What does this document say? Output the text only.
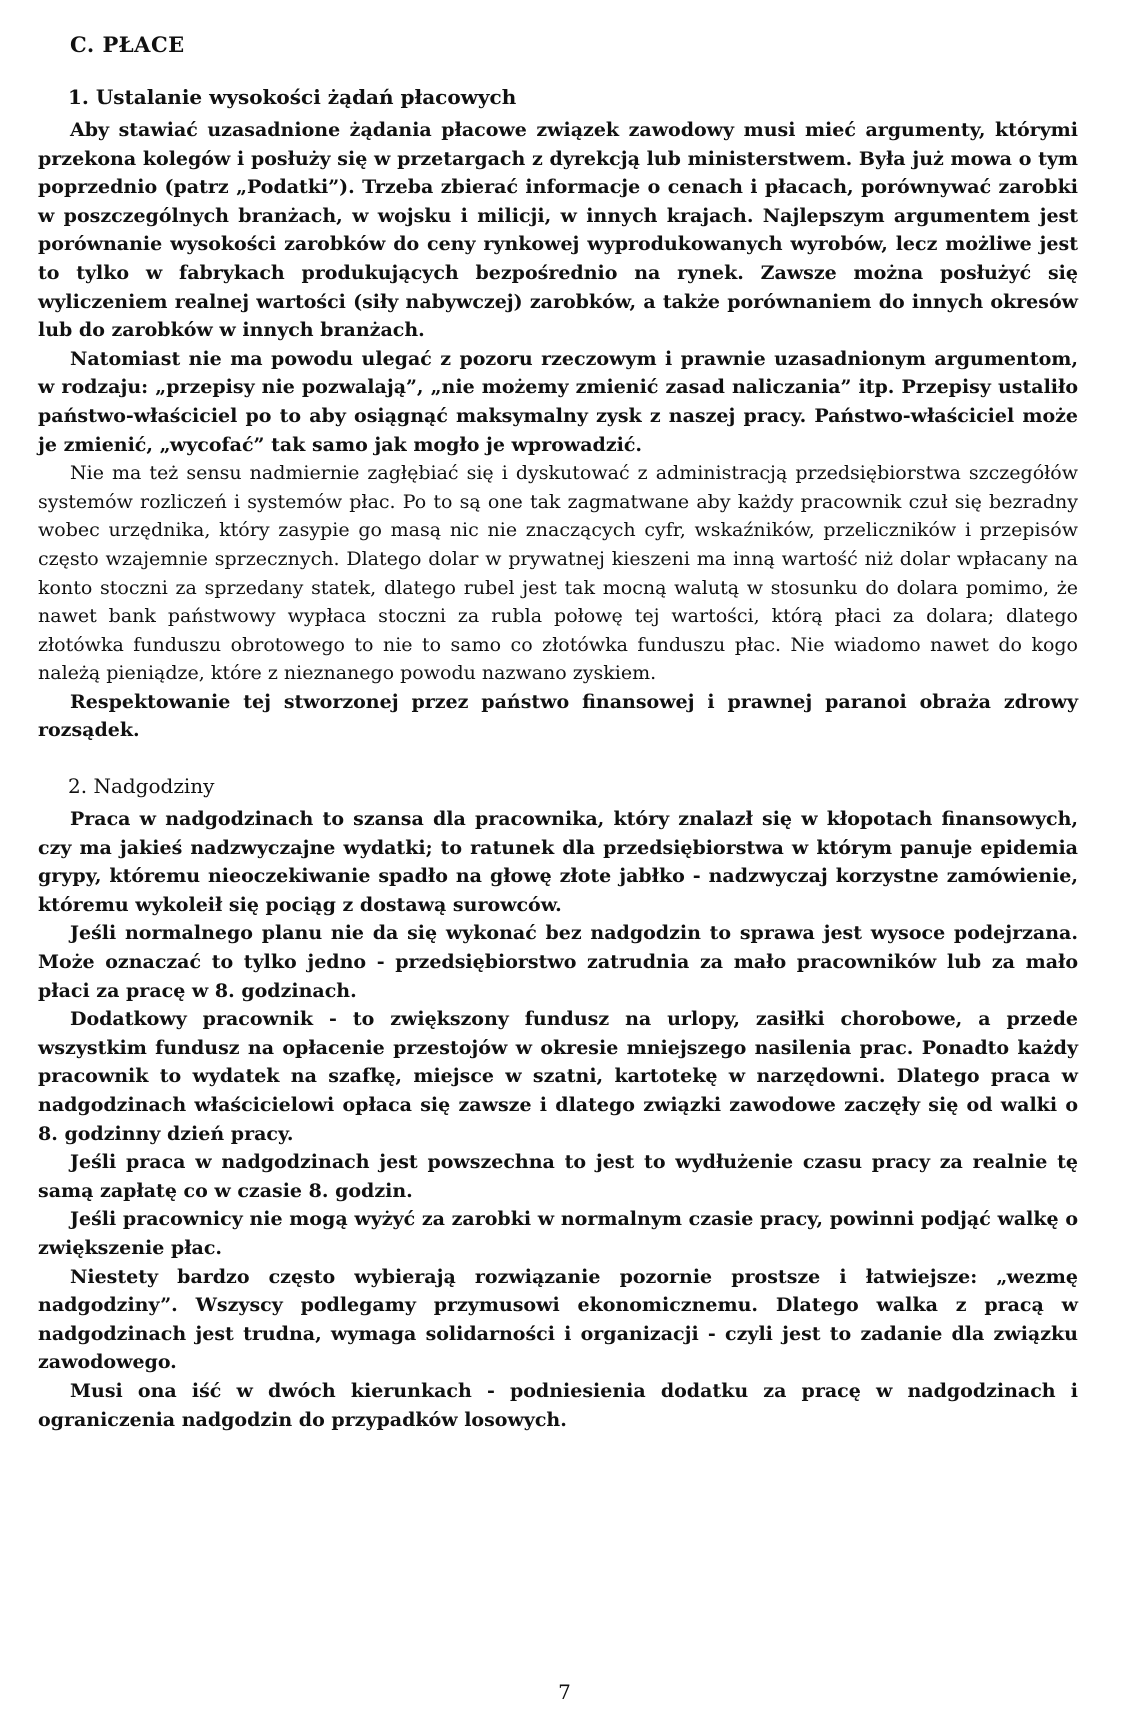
C. PŁACE
1. Ustalanie wysokości żądań płacowych

Aby stawiać uzasadnione żądania płacowe związek zawodowy musi mieć argumenty, którymi przekona kolegów i posłuży się w przetargach z dyrekcją lub ministerstwem. Była już mowa o tym poprzednio (patrz „Podatki”). Trzeba zbierać informacje o cenach i płacach, porównywać zarobki w poszczególnych branżach, w wojsku i milicji, w innych krajach. Najlepszym argumentem jest porównanie wysokości zarobków do ceny rynkowej wyprodukowanych wyrobów, lecz możliwe jest to tylko w fabrykach produkujących bezpośrednio na rynek. Zawsze można posłużyć się wyliczeniem realnej wartości (siły nabywczej) zarobków, a także porównaniem do innych okresów lub do zarobków w innych branżach.

Natomiast nie ma powodu ulegać z pozoru rzeczowym i prawnie uzasadnionym argumentom, w rodzaju: „przepisy nie pozwalają”, „nie możemy zmienić zasad naliczania” itp. Przepisy ustaliło państwo-właściciel po to aby osiągnąć maksymalny zysk z naszej pracy. Państwo-właściciel może je zmienić, „wycofać” tak samo jak mogło je wprowadzić.

Nie ma też sensu nadmiernie zagłębiać się i dyskutować z administracją przedsiębiorstwa szczegółów systemów rozliczeń i systemów płac. Po to są one tak zagmatwane aby każdy pracownik czuł się bezradny wobec urzędnika, który zasypie go masą nic nie znaczących cyfr, wskaźników, przeliczników i przepisów często wzajemnie sprzecznych. Dlatego dolar w prywatnej kieszeni ma inną wartość niż dolar wpłacany na konto stoczni za sprzedany statek, dlatego rubel jest tak mocną walutą w stosunku do dolara pomimo, że nawet bank państwowy wypłaca stoczni za rubla połowę tej wartości, którą płaci za dolara; dlatego złotówka funduszu obrotowego to nie to samo co złotówka funduszu płac. Nie wiadomo nawet do kogo należą pieniądze, które z nieznanego powodu nazwano zyskiem.

Respektowanie tej stworzonej przez państwo finansowej i prawnej paranoi obraża zdrowy rozsądek.

2. Nadgodziny

Praca w nadgodzinach to szansa dla pracownika, który znalazł się w kłopotach finansowych, czy ma jakieś nadzwyczajne wydatki; to ratunek dla przedsiębiorstwa w którym panuje epidemia grypy, któremu nieoczekiwanie spadło na głowę złote jabłko - nadzwyczaj korzystne zamówienie, któremu wykoleił się pociąg z dostawą surowców.

Jeśli normalnego planu nie da się wykonać bez nadgodzin to sprawa jest wysoce podejrzana. Może oznaczać to tylko jedno - przedsiębiorstwo zatrudnia za mało pracowników lub za mało płaci za pracę w 8. godzinach.

Dodatkowy pracownik - to zwiększony fundusz na urlopy, zasiłki chorobowe, a przede wszystkim fundusz na opłacenie przestojów w okresie mniejszego nasilenia prac. Ponadto każdy pracownik to wydatek na szafkę, miejsce w szatni, kartotekę w narzędowni. Dlatego praca w nadgodzinach właścicielowi opłaca się zawsze i dlatego związki zawodowe zaczęły się od walki o 8. godzinny dzień pracy.

Jeśli praca w nadgodzinach jest powszechna to jest to wydłużenie czasu pracy za realnie tę samą zapłatę co w czasie 8. godzin.

Jeśli pracownicy nie mogą wyżyć za zarobki w normalnym czasie pracy, powinni podjąć walkę o zwiększenie płac.

Niestety bardzo często wybierają rozwiązanie pozornie prostsze i łatwiejsze: „wezmę nadgodziny”. Wszyscy podlegamy przymusowi ekonomicznemu. Dlatego walka z pracą w nadgodzinach jest trudna, wymaga solidarności i organizacji - czyli jest to zadanie dla związku zawodowego.

Musi ona iść w dwóch kierunkach - podniesienia dodatku za pracę w nadgodzinach i ograniczenia nadgodzin do przypadków losowych.

7
